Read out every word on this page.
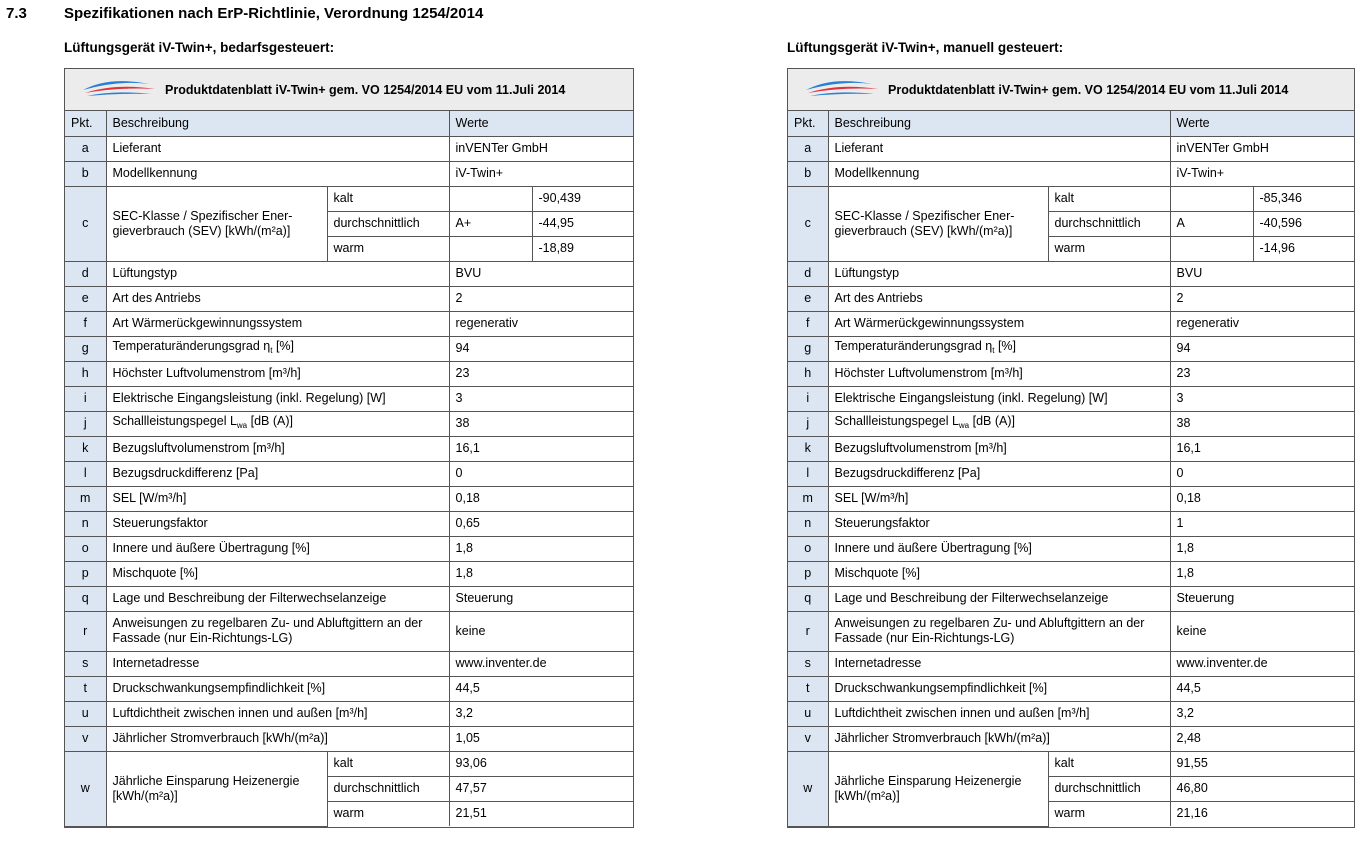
7.3 Spezifikationen nach ErP-Richtlinie, Verordnung 1254/2014
Lüftungsgerät iV-Twin+, bedarfsgesteuert:	Lüftungsgerät iV-Twin+, manuell gesteuert:
Produktdatenblatt iV-Twin+ gem. VO 1254/2014 EU vom 11.Juli 2014
Pkt.	Beschreibung		Werte	
a	Lieferant		inVENTer GmbH	
b	Modellkennung		iV-Twin+	
c	SEC-Klasse / Spezifischer Ener-gieverbrauch (SEV) [kWh/(m²a)]	kalt		-90,439
		durchschnittlich	A+	-44,95
		warm		-18,89
d	Lüftungstyp		BVU	
e	Art des Antriebs		2	
f	Art Wärmerückgewinnungssystem		regenerativ	
g	Temperaturänderungsgrad $\eta_t$ [%]		94	
h	Höchster Luftvolumenstrom [m³/h]		23	
i	Elektrische Eingangsleistung (inkl. Regelung) [W]		3	
j	Schallleistungspegel $L_{wa}$ [dB (A)]		38	
k	Bezugsluftvolumenstrom [m³/h]		16,1	
l	Bezugsdruckdifferenz [Pa]		0	
m	SEL [W/m³/h]		0,18	
n	Steuerungsfaktor		0,65	
o	Innere und äußere Übertragung [%]		1,8	
p	Mischquote [%]		1,8	
q	Lage und Beschreibung der Filterwechselanzeige		Steuerung	
r	Anweisungen zu regelbaren Zu- und Abluftgittern an der Fassade (nur Ein-Richtungs-LG)		keine	
s	Internetadresse		www.inventer.de	
t	Druckschwankungsempfindlichkeit [%]		44,5	
u	Luftdichtheit zwischen innen und außen [m³/h]		3,2	
v	Jährlicher Stromverbrauch [kWh/(m²a)]		1,05	
w	Jährliche Einsparung Heizenergie [kWh/(m²a)]	kalt	93,06	
		durchschnittlich	47,57	
		warm	21,51	
Produktdatenblatt iV-Twin+ gem. VO 1254/2014 EU vom 11.Juli 2014
Pkt.	Beschreibung		Werte	
a	Lieferant		inVENTer GmbH	
b	Modellkennung		iV-Twin+	
c	SEC-Klasse / Spezifischer Ener-gieverbrauch (SEV) [kWh/(m²a)]	kalt		-85,346
		durchschnittlich	A	-40,596
		warm		-14,96
d	Lüftungstyp		BVU	
e	Art des Antriebs		2	
f	Art Wärmerückgewinnungssystem		regenerativ	
g	Temperaturänderungsgrad $\eta_t$ [%]		94	
h	Höchster Luftvolumenstrom [m³/h]		23	
i	Elektrische Eingangsleistung (inkl. Regelung) [W]		3	
j	Schallleistungspegel $L_{wa}$ [dB (A)]		38	
k	Bezugsluftvolumenstrom [m³/h]		16,1	
l	Bezugsdruckdifferenz [Pa]		0	
m	SEL [W/m³/h]		0,18	
n	Steuerungsfaktor		1	
o	Innere und äußere Übertragung [%]		1,8	
p	Mischquote [%]		1,8	
q	Lage und Beschreibung der Filterwechselanzeige		Steuerung	
r	Anweisungen zu regelbaren Zu- und Abluftgittern an der Fassade (nur Ein-Richtungs-LG)		keine	
s	Internetadresse		www.inventer.de	
t	Druckschwankungsempfindlichkeit [%]		44,5	
u	Luftdichtheit zwischen innen und außen [m³/h]		3,2	
v	Jährlicher Stromverbrauch [kWh/(m²a)]		2,48	
w	Jährliche Einsparung Heizenergie [kWh/(m²a)]	kalt	91,55	
		durchschnittlich	46,80	
		warm	21,16	
